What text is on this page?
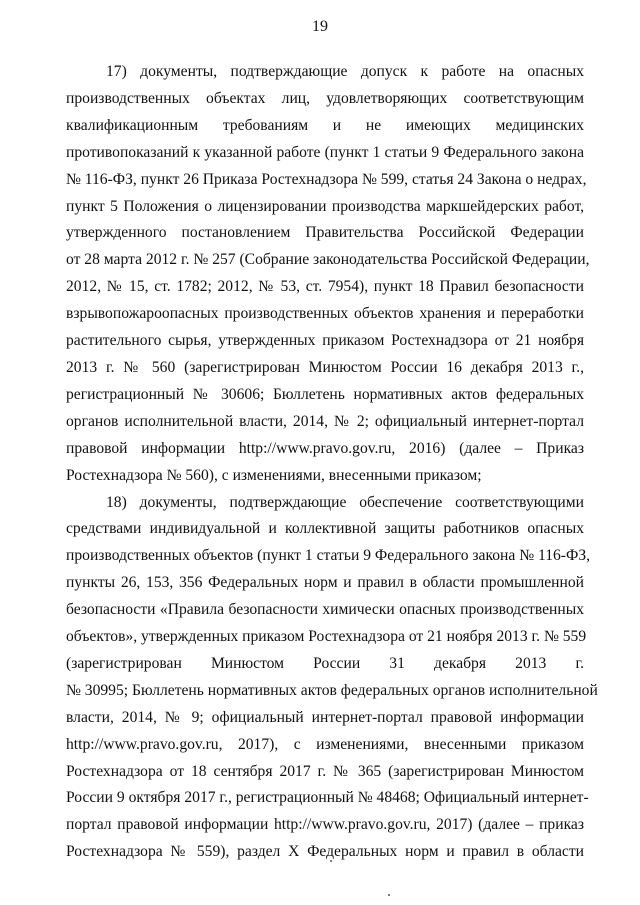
19
17) документы, подтверждающие допуск к работе на опасных
производственных объектах лиц, удовлетворяющих соответствующим
квалификационным требованиям и не имеющих медицинских
противопоказаний к указанной работе (пункт 1 статьи 9 Федерального закона
№ 116-ФЗ, пункт 26 Приказа Ростехнадзора № 599, статья 24 Закона о недрах,
пункт 5 Положения о лицензировании производства маркшейдерских работ,
утвержденного постановлением Правительства Российской Федерации
от 28 марта 2012 г. № 257 (Собрание законодательства Российской Федерации,
2012, № 15, ст. 1782; 2012, № 53, ст. 7954), пункт 18 Правил безопасности
взрывопожароопасных производственных объектов хранения и переработки
растительного сырья, утвержденных приказом Ростехнадзора от 21 ноября
2013 г. № 560 (зарегистрирован Минюстом России 16 декабря 2013 г.,
регистрационный № 30606; Бюллетень нормативных актов федеральных
органов исполнительной власти, 2014, № 2; официальный интернет-портал
правовой информации http://www.pravo.gov.ru, 2016) (далее – Приказ
Ростехнадзора № 560), с изменениями, внесенными приказом;
18) документы, подтверждающие обеспечение соответствующими
средствами индивидуальной и коллективной защиты работников опасных
производственных объектов (пункт 1 статьи 9 Федерального закона № 116-ФЗ,
пункты 26, 153, 356 Федеральных норм и правил в области промышленной
безопасности «Правила безопасности химически опасных производственных
объектов», утвержденных приказом Ростехнадзора от 21 ноября 2013 г. № 559
(зарегистрирован Минюстом России 31 декабря 2013 г.
№ 30995; Бюллетень нормативных актов федеральных органов исполнительной
власти, 2014, № 9; официальный интернет-портал правовой информации
http://www.pravo.gov.ru, 2017), с изменениями, внесенными приказом
Ростехнадзора от 18 сентября 2017 г. № 365 (зарегистрирован Минюстом
России 9 октября 2017 г., регистрационный № 48468; Официальный интернет-
портал правовой информации http://www.pravo.gov.ru, 2017) (далее – приказ
Ростехнадзора № 559), раздел X Федеральных норм и правил в области
